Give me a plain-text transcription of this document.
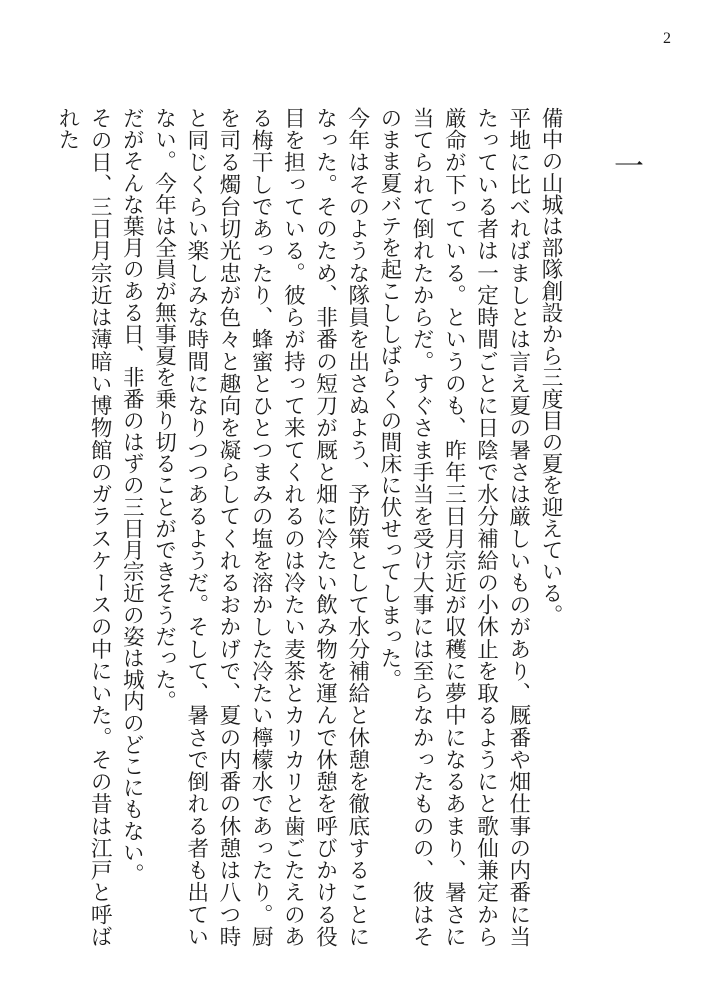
2
一

備中の山城は部隊創設から三度目の夏を迎えている。

平地に比べればましとは言え夏の暑さは厳しいものがあり、厩番や畑仕事の内番に当たっている者は一定時間ごとに日陰で水分補給の小休止を取るようにと歌仙兼定から厳命が下っている。というのも、昨年三日月宗近が収穫に夢中になるあまり、暑さに当てられて倒れたからだ。すぐさま手当を受け大事には至らなかったものの、彼はそのまま夏バテを起こししばらくの間床に伏せってしまった。

今年はそのような隊員を出さぬよう、予防策として水分補給と休憩を徹底することになった。そのため、非番の短刀が厩と畑に冷たい飲み物を運んで休憩を呼びかける役目を担っている。彼らが持って来てくれるのは冷たい麦茶とカリカリと歯ごたえのある梅干しであったり、蜂蜜とひとつまみの塩を溶かした冷たい檸檬水であったり。厨を司る燭台切光忠が色々と趣向を凝らしてくれるおかげで、夏の内番の休憩は八つ時と同じくらい楽しみな時間になりつつあるようだ。そして、暑さで倒れる者も出ていない。今年は全員が無事夏を乗り切ることができそうだった。

だがそんな葉月のある日、非番のはずの三日月宗近の姿は城内のどこにもない。

その日、三日月宗近は薄暗い博物館のガラスケースの中にいた。その昔は江戸と呼ばれた
